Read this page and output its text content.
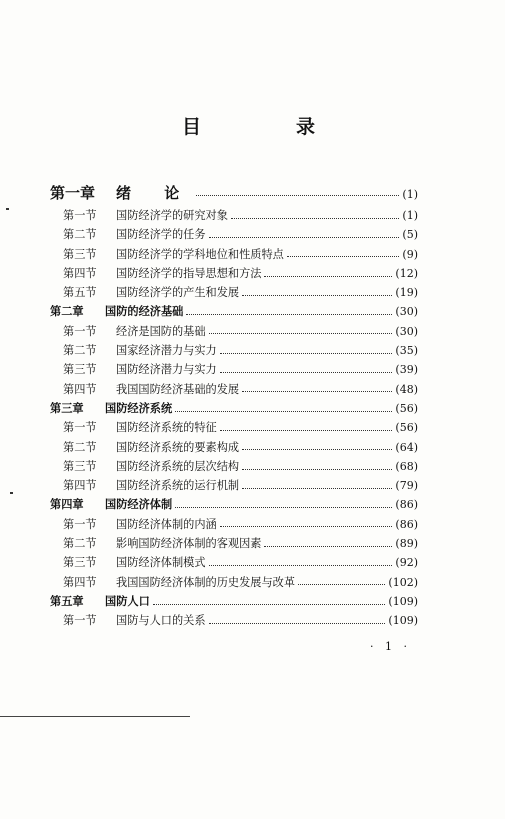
目　录
第一章	绪 论	(1)
第一节	国防经济学的研究对象	(1)
第二节	国防经济学的任务	(5)
第三节	国防经济学的学科地位和性质特点	(9)
第四节	国防经济学的指导思想和方法	(12)
第五节	国防经济学的产生和发展	(19)
第二章	国防的经济基础	(30)
第一节	经济是国防的基础	(30)
第二节	国家经济潜力与实力	(35)
第三节	国防经济潜力与实力	(39)
第四节	我国国防经济基础的发展	(48)
第三章	国防经济系统	(56)
第一节	国防经济系统的特征	(56)
第二节	国防经济系统的要素构成	(64)
第三节	国防经济系统的层次结构	(68)
第四节	国防经济系统的运行机制	(79)
第四章	国防经济体制	(86)
第一节	国防经济体制的内涵	(86)
第二节	影响国防经济体制的客观因素	(89)
第三节	国防经济体制模式	(92)
第四节	我国国防经济体制的历史发展与改革	(102)
第五章	国防人口	(109)
第一节	国防与人口的关系	(109)
· 1 ·
